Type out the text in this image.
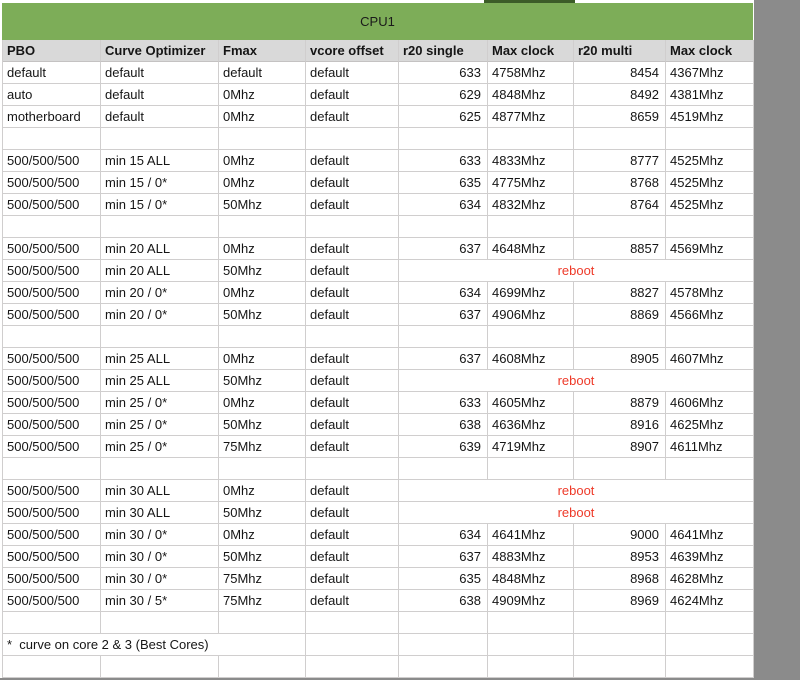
CPU1
PBO	Curve Optimizer	Fmax	vcore offset	r20 single	Max clock	r20 multi	Max clock
default	default	default	default	633 4758Mhz	8454 4367Mhz
auto	default	0Mhz	default	629 4848Mhz	8492 4381Mhz
motherboard	default	0Mhz	default	625 4877Mhz	8659 4519Mhz
500/500/500	min 15 ALL	0Mhz	default	633 4833Mhz	8777 4525Mhz
500/500/500	min 15 / 0*	0Mhz	default	635 4775Mhz	8768 4525Mhz
500/500/500	min 15 / 0*	50Mhz	default	634 4832Mhz	8764 4525Mhz
500/500/500	min 20 ALL	0Mhz	default	637 4648Mhz	8857 4569Mhz
500/500/500	min 20 ALL	50Mhz	default	reboot
500/500/500	min 20 / 0*	0Mhz	default	634 4699Mhz	8827 4578Mhz
500/500/500	min 20 / 0*	50Mhz	default	637 4906Mhz	8869 4566Mhz
500/500/500	min 25 ALL	0Mhz	default	637 4608Mhz	8905 4607Mhz
500/500/500	min 25 ALL	50Mhz	default	reboot
500/500/500	min 25 / 0*	0Mhz	default	633 4605Mhz	8879 4606Mhz
500/500/500	min 25 / 0*	50Mhz	default	638 4636Mhz	8916 4625Mhz
500/500/500	min 25 / 0*	75Mhz	default	639 4719Mhz	8907 4611Mhz
500/500/500	min 30 ALL	0Mhz	default	reboot
500/500/500	min 30 ALL	50Mhz	default	reboot
500/500/500	min 30 / 0*	0Mhz	default	634 4641Mhz	9000 4641Mhz
500/500/500	min 30 / 0*	50Mhz	default	637 4883Mhz	8953 4639Mhz
500/500/500	min 30 / 0*	75Mhz	default	635 4848Mhz	8968 4628Mhz
500/500/500	min 30 / 5*	75Mhz	default	638 4909Mhz	8969 4624Mhz
*  curve on core 2 & 3 (Best Cores)
